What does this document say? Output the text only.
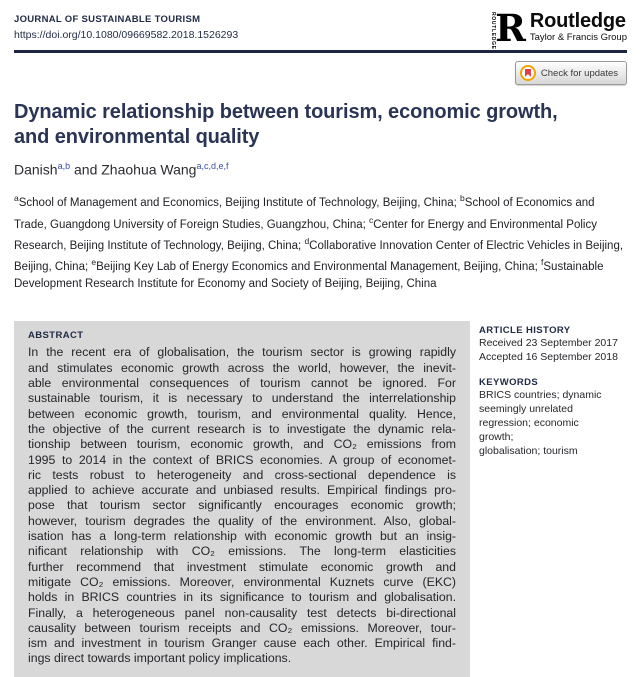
JOURNAL OF SUSTAINABLE TOURISM
https://doi.org/10.1080/09669582.2018.1526293	ROUTLEDGE R Routledge
Taylor & Francis Group
Check for updates
Dynamic relationship between tourism, economic growth,
and environmental quality
Danish$^{a,b}$ and Zhaohua Wang$^{a,c,d,e,f}$

$^a$School of Management and Economics, Beijing Institute of Technology, Beijing, China; $^b$School of Economics and Trade, Guangdong University of Foreign Studies, Guangzhou, China; $^c$Center for Energy and Environmental Policy Research, Beijing Institute of Technology, Beijing, China; $^d$Collaborative Innovation Center of Electric Vehicles in Beijing, Beijing, China; $^e$Beijing Key Lab of Energy Economics and Environmental Management, Beijing, China; $^f$Sustainable Development Research Institute for Economy and Society of Beijing, Beijing, China

ABSTRACT
In the recent era of globalisation, the tourism sector is growing rapidly
and stimulates economic growth across the world, however, the inevit-
able environmental consequences of tourism cannot be ignored. For
sustainable tourism, it is necessary to understand the interrelationship
between economic growth, tourism, and environmental quality. Hence,
the objective of the current research is to investigate the dynamic rela-
tionship between tourism, economic growth, and CO₂ emissions from
1995 to 2014 in the context of BRICS economies. A group of economet-
ric tests robust to heterogeneity and cross-sectional dependence is
applied to achieve accurate and unbiased results. Empirical findings pro-
pose that tourism sector significantly encourages economic growth;
however, tourism degrades the quality of the environment. Also, global-
isation has a long-term relationship with economic growth but an insig-
nificant relationship with CO₂ emissions. The long-term elasticities
further recommend that investment stimulate economic growth and
mitigate CO₂ emissions. Moreover, environmental Kuznets curve (EKC)
holds in BRICS countries in its significance to tourism and globalisation.
Finally, a heterogeneous panel non-causality test detects bi-directional
causality between tourism receipts and CO₂ emissions. Moreover, tour-
ism and investment in tourism Granger cause each other. Empirical find-
ings direct towards important policy implications.
ARTICLE HISTORY
Received 23 September 2017
Accepted 16 September 2018
KEYWORDS
BRICS countries; dynamic
seemingly unrelated
regression; economic
growth;
globalisation; tourism
